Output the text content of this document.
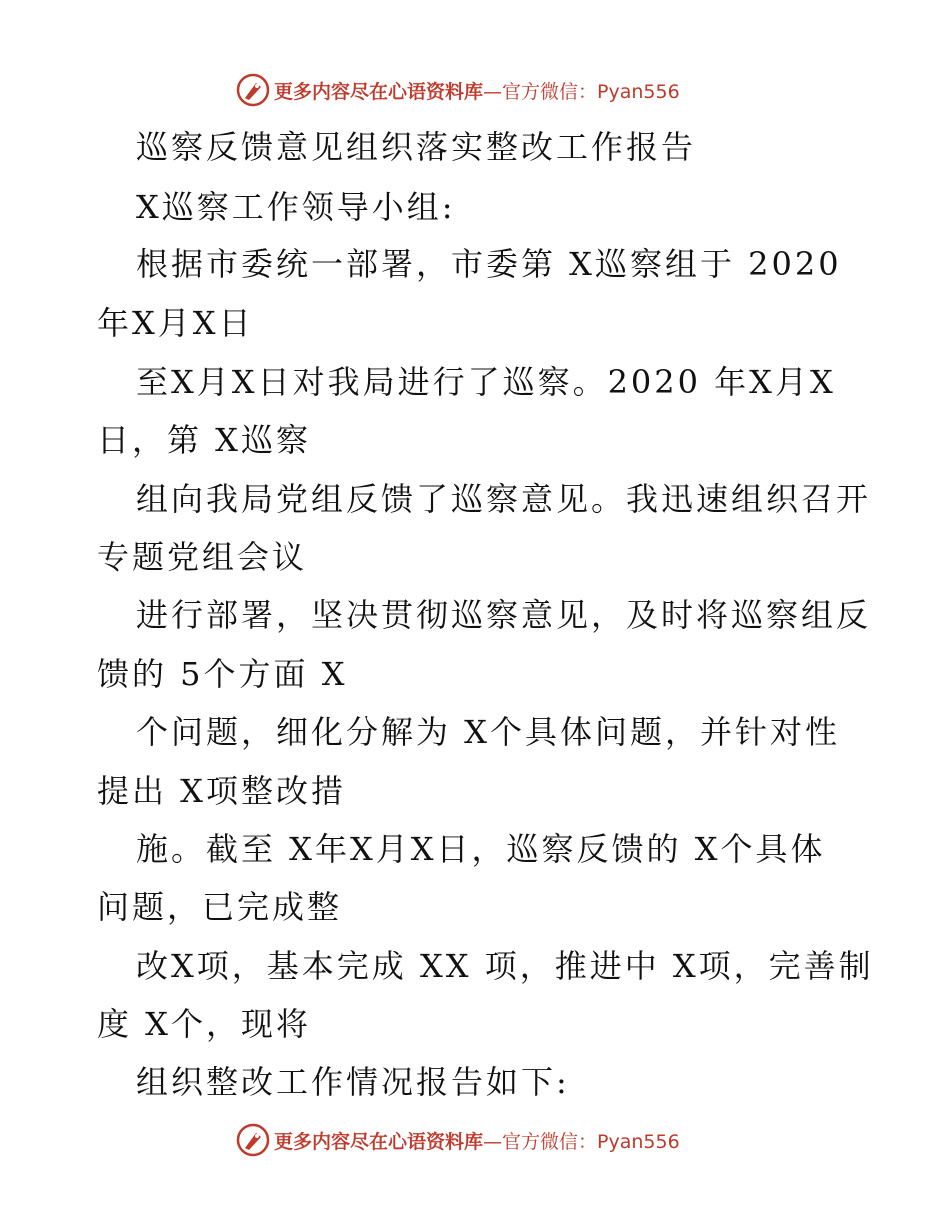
更多内容尽在心语资料库—官方微信：Pyan556
巡察反馈意见组织落实整改工作报告
X巡察工作领导小组:
根据市委统一部署，市委第 X巡察组于 2020
年X月X日
至X月X日对我局进行了巡察。2020 年X月X
日，第 X巡察
组向我局党组反馈了巡察意见。我迅速组织召开
专题党组会议
进行部署，坚决贯彻巡察意见，及时将巡察组反
馈的 5个方面 X
个问题，细化分解为 X个具体问题，并针对性
提出 X项整改措
施。截至 X年X月X日，巡察反馈的 X个具体
问题，已完成整
改X项，基本完成 XX 项，推进中 X项，完善制
度 X个，现将
组织整改工作情况报告如下:
更多内容尽在心语资料库—官方微信：Pyan556
